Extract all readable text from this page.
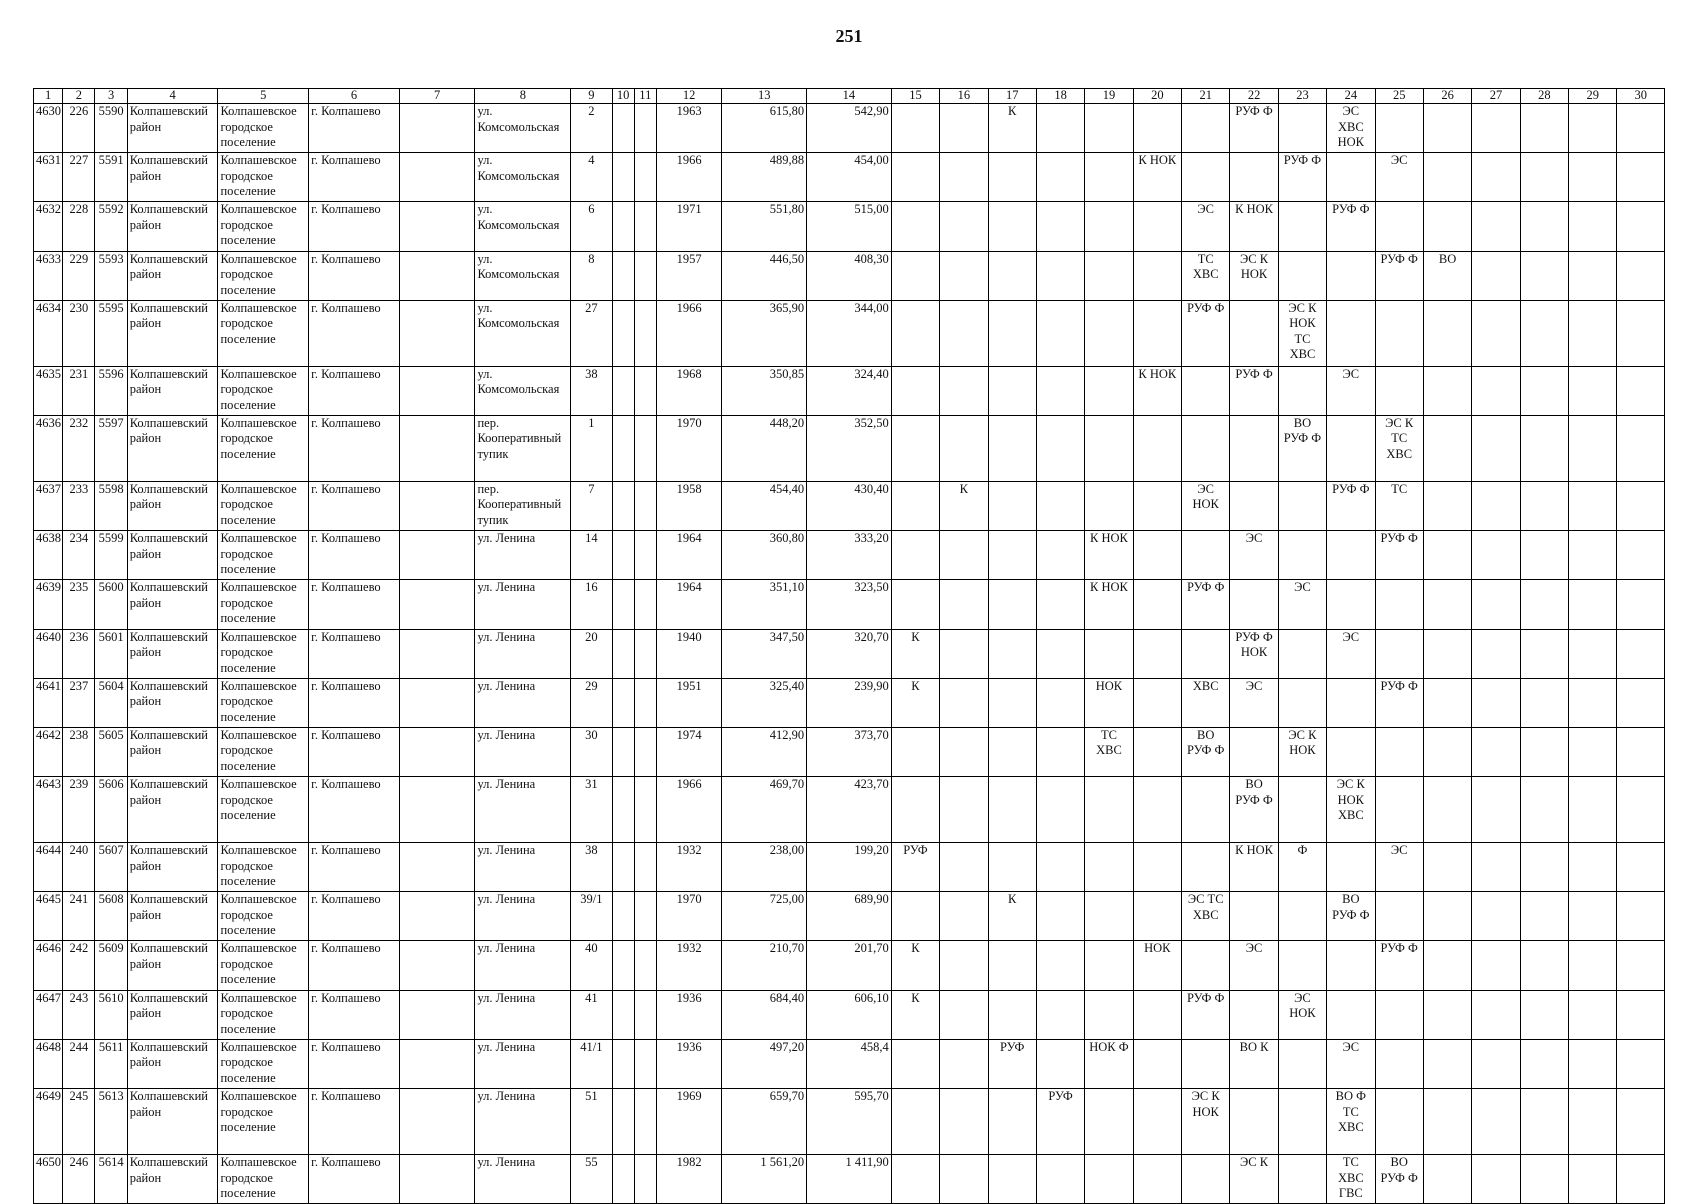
251
1	2	3	4	5	6	7	8	9	10	11	12	13	14	15	16	17	18	19	20	21	22	23	24	25	26	27	28	29	30
4630	226	5590	Колпашевский район	Колпашевское городское поселение	г. Колпашево		ул. Комсомольская	2			1963	615,80	542,90			К					РУФ Ф		ЭС ХВС НОК						
4631	227	5591	Колпашевский район	Колпашевское городское поселение	г. Колпашево		ул. Комсомольская	4			1966	489,88	454,00						К НОК			РУФ Ф		ЭС					
4632	228	5592	Колпашевский район	Колпашевское городское поселение	г. Колпашево		ул. Комсомольская	6			1971	551,80	515,00							ЭС	К НОК		РУФ Ф						
4633	229	5593	Колпашевский район	Колпашевское городское поселение	г. Колпашево		ул. Комсомольская	8			1957	446,50	408,30							ТС ХВС	ЭС К НОК			РУФ Ф	ВО				
4634	230	5595	Колпашевский район	Колпашевское городское поселение	г. Колпашево		ул. Комсомольская	27			1966	365,90	344,00							РУФ Ф		ЭС К НОК ТС ХВС							
4635	231	5596	Колпашевский район	Колпашевское городское поселение	г. Колпашево		ул. Комсомольская	38			1968	350,85	324,40						К НОК		РУФ Ф		ЭС						
4636	232	5597	Колпашевский район	Колпашевское городское поселение	г. Колпашево		пер. Кооперативный тупик	1			1970	448,20	352,50									ВО РУФ Ф		ЭС К ТС ХВС					
4637	233	5598	Колпашевский район	Колпашевское городское поселение	г. Колпашево		пер. Кооперативный тупик	7			1958	454,40	430,40		К					ЭС НОК			РУФ Ф	ТС					
4638	234	5599	Колпашевский район	Колпашевское городское поселение	г. Колпашево		ул. Ленина	14			1964	360,80	333,20					К НОК			ЭС			РУФ Ф					
4639	235	5600	Колпашевский район	Колпашевское городское поселение	г. Колпашево		ул. Ленина	16			1964	351,10	323,50					К НОК		РУФ Ф		ЭС							
4640	236	5601	Колпашевский район	Колпашевское городское поселение	г. Колпашево		ул. Ленина	20			1940	347,50	320,70	К							РУФ Ф НОК		ЭС						
4641	237	5604	Колпашевский район	Колпашевское городское поселение	г. Колпашево		ул. Ленина	29			1951	325,40	239,90	К				НОК		ХВС	ЭС			РУФ Ф					
4642	238	5605	Колпашевский район	Колпашевское городское поселение	г. Колпашево		ул. Ленина	30			1974	412,90	373,70					ТС ХВС		ВО РУФ Ф		ЭС К НОК							
4643	239	5606	Колпашевский район	Колпашевское городское поселение	г. Колпашево		ул. Ленина	31			1966	469,70	423,70								ВО РУФ Ф		ЭС К НОК ХВС						
4644	240	5607	Колпашевский район	Колпашевское городское поселение	г. Колпашево		ул. Ленина	38			1932	238,00	199,20	РУФ							К НОК	Ф		ЭС					
4645	241	5608	Колпашевский район	Колпашевское городское поселение	г. Колпашево		ул. Ленина	39/1			1970	725,00	689,90			К				ЭС ТС ХВС			ВО РУФ Ф						
4646	242	5609	Колпашевский район	Колпашевское городское поселение	г. Колпашево		ул. Ленина	40			1932	210,70	201,70	К					НОК		ЭС			РУФ Ф					
4647	243	5610	Колпашевский район	Колпашевское городское поселение	г. Колпашево		ул. Ленина	41			1936	684,40	606,10	К						РУФ Ф		ЭС НОК							
4648	244	5611	Колпашевский район	Колпашевское городское поселение	г. Колпашево		ул. Ленина	41/1			1936	497,20	458,4			РУФ		НОК Ф			ВО К		ЭС						
4649	245	5613	Колпашевский район	Колпашевское городское поселение	г. Колпашево		ул. Ленина	51			1969	659,70	595,70				РУФ			ЭС К НОК			ВО Ф ТС ХВС						
4650	246	5614	Колпашевский район	Колпашевское городское поселение	г. Колпашево		ул. Ленина	55			1982	1 561,20	1 411,90								ЭС К		ТС ХВС ГВС	ВО РУФ Ф					
